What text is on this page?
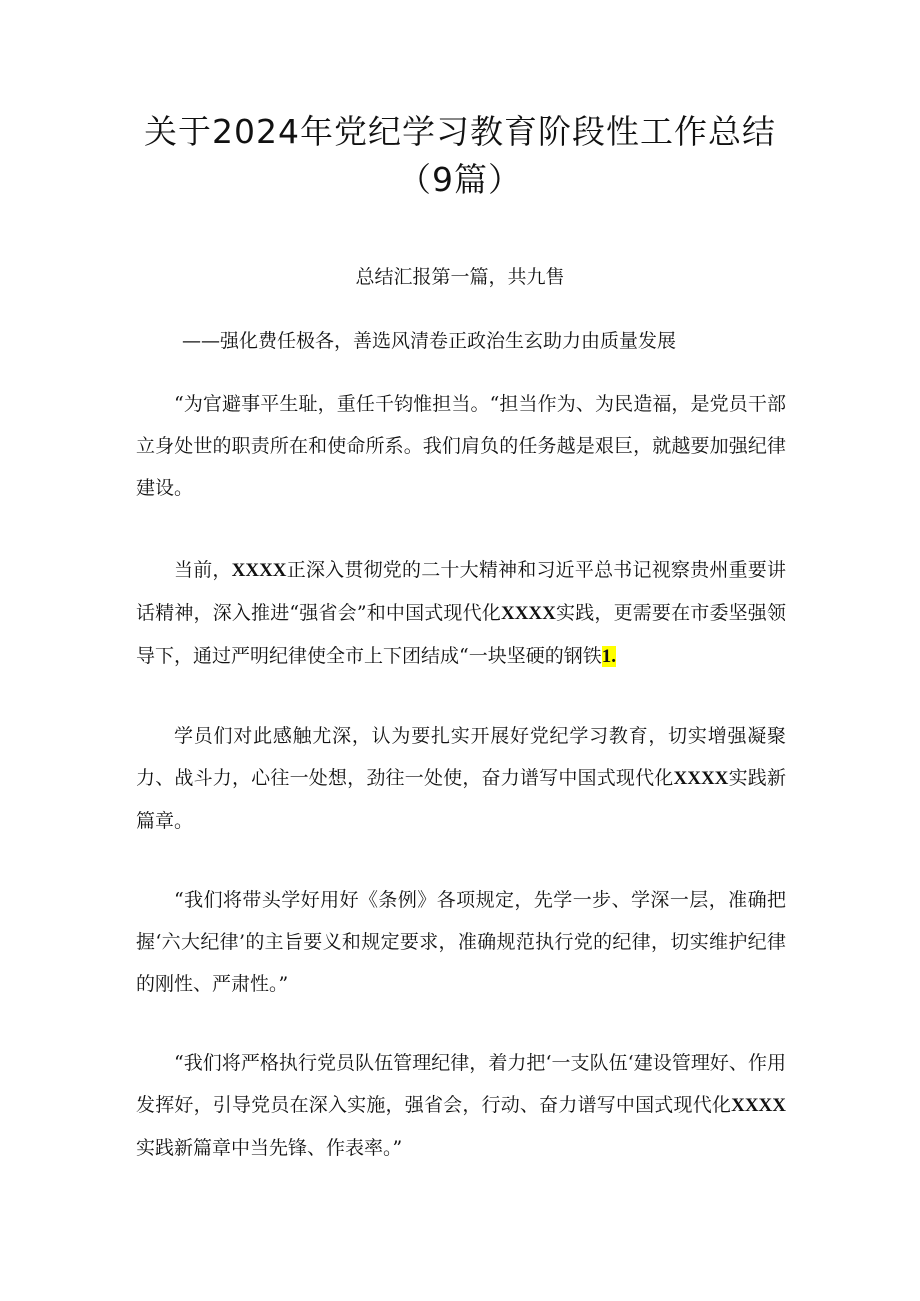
关于2024年党纪学习教育阶段性工作总结
（9篇）
总结汇报第一篇，共九售
——强化费任极各，善选风清卷正政治生玄助力由质量发展

“为官避事平生耻，重任千钧惟担当。“担当作为、为民造福，是党员干部立身处世的职责所在和使命所系。我们肩负的任务越是艰巨，就越要加强纪律建设。

当前，XXXX正深入贯彻党的二十大精神和习近平总书记视察贵州重要讲话精神，深入推进“强省会”和中国式现代化XXXX实践，更需要在市委坚强领导下，通过严明纪律使全市上下团结成“一块坚硬的钢铁1.

学员们对此感触尤深，认为要扎实开展好党纪学习教育，切实增强凝聚力、战斗力，心往一处想，劲往一处使，奋力谱写中国式现代化XXXX实践新篇章。

“我们将带头学好用好《条例》各项规定，先学一步、学深一层，准确把握‘六大纪律’的主旨要义和规定要求，准确规范执行党的纪律，切实维护纪律的刚性、严肃性。”

“我们将严格执行党员队伍管理纪律，着力把‘一支队伍‘建设管理好、作用发挥好，引导党员在深入实施，强省会，行动、奋力谱写中国式现代化XXXX实践新篇章中当先锋、作表率。”
